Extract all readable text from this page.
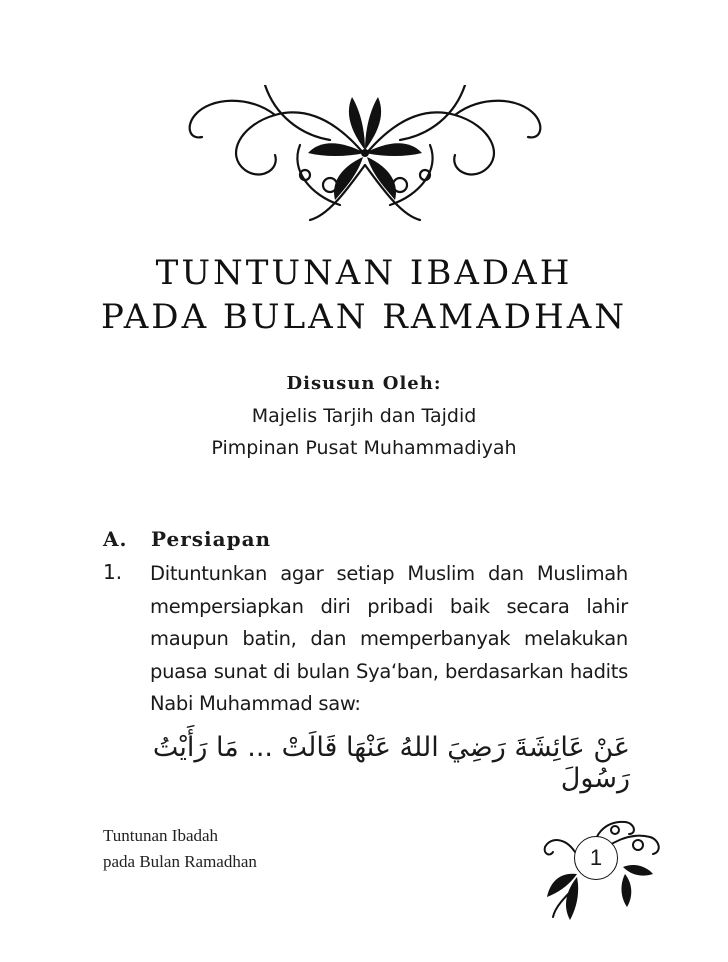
TUNTUNAN IBADAH
PADA BULAN RAMADHAN
Disusun Oleh:
Majelis Tarjih dan Tajdid
Pimpinan Pusat Muhammadiyah
A. Persiapan
1. Dituntunkan agar setiap Muslim dan Muslimah mempersiapkan diri pribadi baik secara lahir maupun batin, dan memperbanyak melakukan puasa sunat di bulan Sya‘ban, berdasarkan hadits Nabi Muhammad saw:
عَنْ عَائِشَةَ رَضِيَ اللهُ عَنْهَا قَالَتْ ... مَا رَأَيْتُ رَسُولَ
Tuntunan Ibadah
pada Bulan Ramadhan	1
